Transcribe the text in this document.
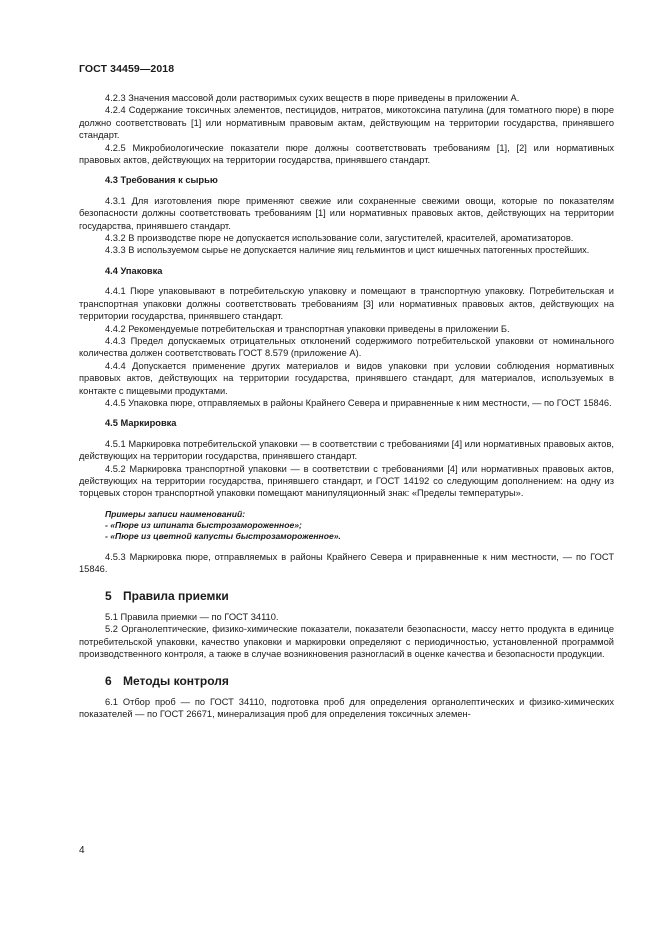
ГОСТ 34459—2018

4.2.3 Значения массовой доли растворимых сухих веществ в пюре приведены в приложении А.

4.2.4 Содержание токсичных элементов, пестицидов, нитратов, микотоксина патулина (для томатного пюре) в пюре должно соответствовать [1] или нормативным правовым актам, действующим на территории государства, принявшего стандарт.

4.2.5 Микробиологические показатели пюре должны соответствовать требованиям [1], [2] или нормативных правовых актов, действующих на территории государства, принявшего стандарт.

4.3 Требования к сырью

4.3.1 Для изготовления пюре применяют свежие или сохраненные свежими овощи, которые по показателям безопасности должны соответствовать требованиям [1] или нормативных правовых актов, действующих на территории государства, принявшего стандарт.

4.3.2 В производстве пюре не допускается использование соли, загустителей, красителей, ароматизаторов.

4.3.3 В используемом сырье не допускается наличие яиц гельминтов и цист кишечных патогенных простейших.

4.4 Упаковка

4.4.1 Пюре упаковывают в потребительскую упаковку и помещают в транспортную упаковку. Потребительская и транспортная упаковки должны соответствовать требованиям [3] или нормативных правовых актов, действующих на территории государства, принявшего стандарт.

4.4.2 Рекомендуемые потребительская и транспортная упаковки приведены в приложении Б.

4.4.3 Предел допускаемых отрицательных отклонений содержимого потребительской упаковки от номинального количества должен соответствовать ГОСТ 8.579 (приложение А).

4.4.4 Допускается применение других материалов и видов упаковки при условии соблюдения нормативных правовых актов, действующих на территории государства, принявшего стандарт, для материалов, используемых в контакте с пищевыми продуктами.

4.4.5 Упаковка пюре, отправляемых в районы Крайнего Севера и приравненные к ним местности, — по ГОСТ 15846.

4.5 Маркировка

4.5.1 Маркировка потребительской упаковки — в соответствии с требованиями [4] или нормативных правовых актов, действующих на территории государства, принявшего стандарт.

4.5.2 Маркировка транспортной упаковки — в соответствии с требованиями [4] или нормативных правовых актов, действующих на территории государства, принявшего стандарт, и ГОСТ 14192 со следующим дополнением: на одну из торцевых сторон транспортной упаковки помещают манипуляционный знак: «Пределы температуры».

Примеры записи наименований:
- «Пюре из шпината быстрозамороженное»;
- «Пюре из цветной капусты быстрозамороженное».

4.5.3 Маркировка пюре, отправляемых в районы Крайнего Севера и приравненные к ним местности, — по ГОСТ 15846.

5 Правила приемки

5.1 Правила приемки — по ГОСТ 34110.

5.2 Органолептические, физико-химические показатели, показатели безопасности, массу нетто продукта в единице потребительской упаковки, качество упаковки и маркировки определяют с периодичностью, установленной программой производственного контроля, а также в случае возникновения разногласий в оценке качества и безопасности продукции.

6 Методы контроля

6.1 Отбор проб — по ГОСТ 34110, подготовка проб для определения органолептических и физико-химических показателей — по ГОСТ 26671, минерализация проб для определения токсичных элемен-

4
